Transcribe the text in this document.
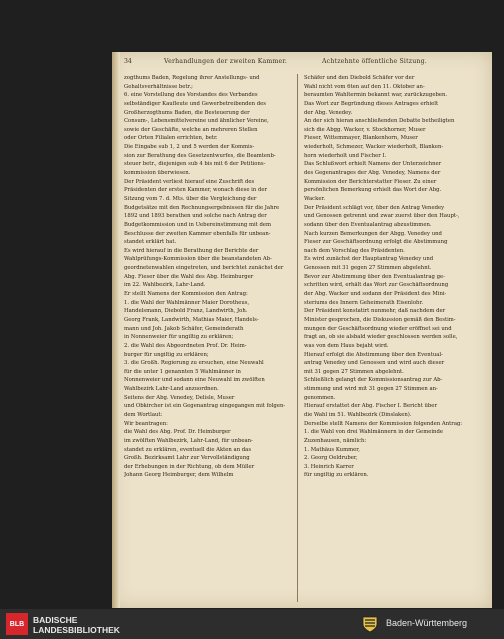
34	Verhandlungen der zweiten Kammer.	Achtzehnte öffentliche Sitzung.
zogthums Baden, Regelung ihrer Anstellungs- und
Gehaltsverhältnisse betr.;
6. eine Vorstellung des Vorstandes des Verbandes
selbständiger Kaufleute und Gewerbetreibenden des
Großherzogthums Baden, die Besteuerung der
Consum-, Lebensmittelvereine und ähnlicher Vereine,
sowie der Geschäfte, welche an mehreren Stellen
oder Orten Filialen errichten, betr.
Die Eingabe sub 1, 2 und 5 werden der Kommis-
sion zur Berathung des Gesetzentwurfes, die Beamtenb-
steuer betr., diejenigen sub 4 bis mit 6 der Petitions-
kommission überwiesen.
Der Präsident verliest hierauf eine Zuschrift des
Präsidenten der ersten Kammer, wonach diese in der
Sitzung vom 7. d. Mts. über die Vergleichung der
Budgetsätze mit den Rechnungsergebnissen für die Jahre
1892 und 1893 berathen und solche nach Antrag der
Budgetkommission und in Uebereinstimmung mit dem
Beschlusse der zweiten Kammer ebenfalls für unbean-
standet erklärt hat.
Es wird hierauf in die Berathung der Berichte der
Wahlprüfungs-Kommission über die beanstandeten Ab-
geordnetenwahlen eingetreten, und berichtet zunächst der
Abg. Fieser über die Wahl des Abg. Heimburger
im 22. Wahlbezirk, Lahr-Land.
Er stellt Namens der Kommission den Antrag:
1. die Wahl der Wahlmänner Maier Dorotheus,
Handelsmann, Diebold Franz, Landwirth, Joh.
Georg Frank, Landwirth, Mathias Maier, Handels-
mann und Joh. Jakob Schäfer, Gemeinderath
in Nonnenweier für ungiltig zu erklären;
2. die Wahl des Abgeordneten Prof. Dr. Heim-
burger für ungiltig zu erklären;
3. die Großh. Regierung zu ersuchen, eine Neuwahl
für die unter 1 genannten 5 Wahlmänner in
Nonnenweier und sodann eine Neuwahl im zwölften
Wahlbezirk Lahr-Land anzuordnen.
Seitens der Abg. Venedey, Delisle, Muser
und Obkircher ist ein Gegenantrag eingegangen mit folgen-
dem Wortlaut:
Wir beantragen:
die Wahl des Abg. Prof. Dr. Heimburger
im zwölften Wahlbezirk, Lahr-Land, für unbean-
standet zu erklären, eventuell die Akten an das
Großh. Bezirksamt Lahr zur Vervollständigung
der Erhebungen in der Richtung, ob dem Müller
Johann Georg Heimburger, dem Wilhelm
Schäfer und den Diebold Schäfer vor der
Wahl nicht vom 6ten auf den 11. Oktober an-
beraumten Wahltermin bekannt war, zurückzugeben.
Das Wort zur Begründung dieses Antrages erhielt
der Abg. Venedey.
An der sich hieran anschließenden Debatte betheiligten
sich die Abgg. Wacker, v. Stockhorner, Muser
Fieser, Wittemmayer, Blankenhorn, Muser
wiederholt, Schmezer, Wacker wiederholt, Blanken-
horn wiederholt und Fischer I.
Das Schlußwort erhielt Namens der Unterzeichner
des Gegenantrages der Abg. Venedey, Namens der
Kommission der Berichterstatter Fieser. Zu einer
persönlichen Bemerkung erhielt das Wort der Abg.
Wacker.
Der Präsident schlägt vor, über den Antrag Venedey
und Genossen getrennt und zwar zuerst über den Haupt-,
sodann über den Eventualantrag abzustimmen.
Nach kurzen Bemerkungen der Abgg. Venedey und
Fieser zur Geschäftsordnung erfolgt die Abstimmung
nach dem Vorschlag des Präsidenten.
Es wird zunächst der Hauptantrag Venedey und
Genossen mit 31 gegen 27 Stimmen abgelehnt.
Bevor zur Abstimmung über den Eventualantrag ge-
schritten wird, erhält das Wort zur Geschäftsordnung
der Abg. Wacker und sodann der Präsident des Mini-
steriums des Innern Geheimerath Eisenlohr.
Der Präsident konstatirt nunmehr, daß nachdem der
Minister gesprochen, die Diskussion gemäß den Bestim-
mungen der Geschäftsordnung wieder eröffnet sei und
fragt an, ob sie alsbald wieder geschlossen werden solle,
was von dem Haus bejaht wird.
Hierauf erfolgt die Abstimmung über den Eventual-
antrag Venedey und Genossen und wird auch dieser
mit 31 gegen 27 Stimmen abgelehnt.
Schließlich gelangt der Kommissionsantrag zur Ab-
stimmung und wird mit 31 gegen 27 Stimmen an-
genommen.
Hierauf erstattet der Abg. Fischer I. Bericht über
die Wahl im 51. Wahlbezirk (Dinslaken).
Derselbe stellt Namens der Kommission folgenden Antrag:
1. die Wahl von drei Wahlmännern in der Gemeinde
Zuzenhausen, nämlich:
1. Mathäus Kummer,
2. Georg Oeldruber,
3. Heinrich Karrer
für ungiltig zu erklären.
BLB	BADISCHE
LANDESBIBLIOTHEK
Baden-Württemberg
